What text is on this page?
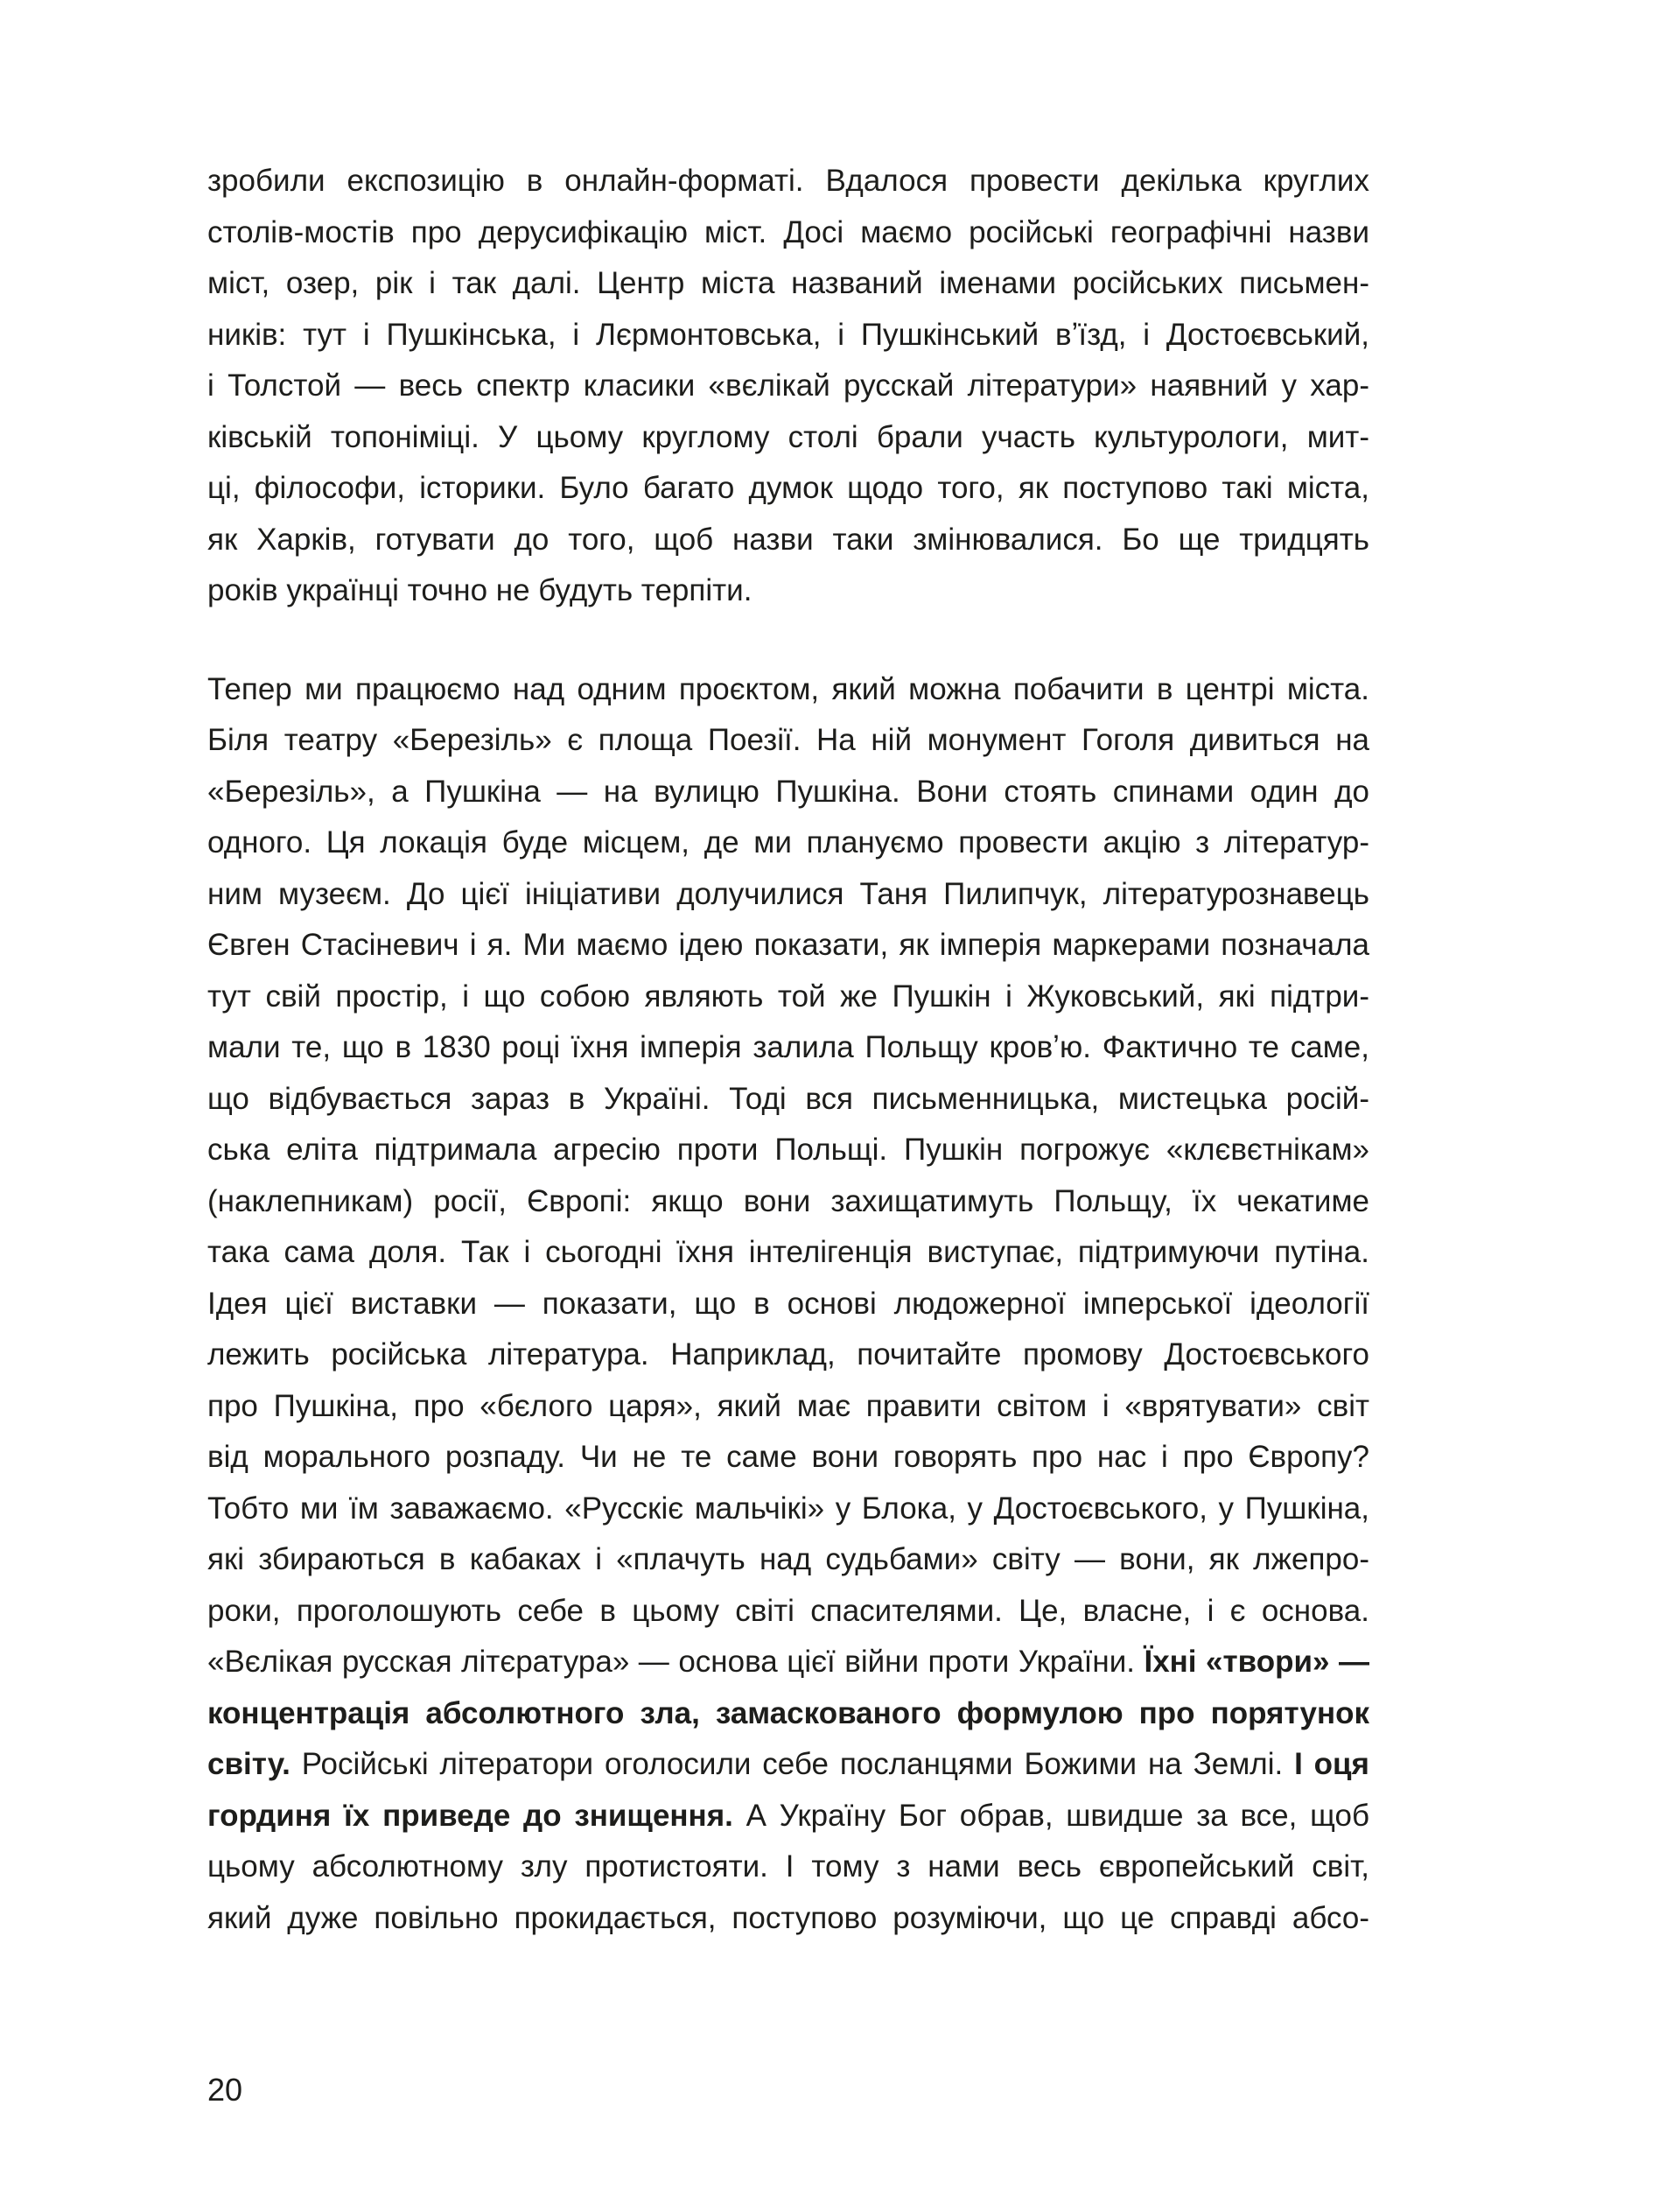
зробили експозицію в онлайн-форматі. Вдалося провести декілька круглих
столів-мостів про дерусифікацію міст. Досі маємо російські географічні назви
міст, озер, рік і так далі. Центр міста названий іменами російських письмен-
ників: тут і Пушкінська, і Лєрмонтовська, і Пушкінський вʼїзд, і Достоєвський,
і Толстой — весь спектр класики «вєлікай русскай літератури» наявний у хар-
ківській топоніміці. У цьому круглому столі брали участь культурологи, мит-
ці, філософи, історики. Було багато думок щодо того, як поступово такі міста,
як Харків, готувати до того, щоб назви таки змінювалися. Бо ще тридцять
років українці точно не будуть терпіти.
Тепер ми працюємо над одним проєктом, який можна побачити в центрі міста.
Біля театру «Березіль» є площа Поезії. На ній монумент Гоголя дивиться на
«Березіль», а Пушкіна — на вулицю Пушкіна. Вони стоять спинами один до
одного. Ця локація буде місцем, де ми плануємо провести акцію з літератур-
ним музеєм. До цієї ініціативи долучилися Таня Пилипчук, літературознавець
Євген Стасіневич і я. Ми маємо ідею показати, як імперія маркерами позначала
тут свій простір, і що собою являють той же Пушкін і Жуковський, які підтри-
мали те, що в 1830 році їхня імперія залила Польщу кровʼю. Фактично те саме,
що відбувається зараз в Україні. Тоді вся письменницька, мистецька росій-
ська еліта підтримала агресію проти Польщі. Пушкін погрожує «клєвєтнікам»
(наклепникам) росії, Європі: якщо вони захищатимуть Польщу, їх чекатиме
така сама доля. Так і сьогодні їхня інтелігенція виступає, підтримуючи путіна.
Ідея цієї виставки — показати, що в основі людожерної імперської ідеології
лежить російська література. Наприклад, почитайте промову Достоєвського
про Пушкіна, про «бєлого царя», який має правити світом і «врятувати» світ
від морального розпаду. Чи не те саме вони говорять про нас і про Європу?
Тобто ми їм заважаємо. «Русскіє мальчікі» у Блока, у Достоєвського, у Пушкіна,
які збираються в кабаках і «плачуть над судьбами» світу — вони, як лжепро-
роки, проголошують себе в цьому світі спасителями. Це, власне, і є основа.
«Вєлікая русская літєратура» — основа цієї війни проти України. Їхні «твори» —
концентрація абсолютного зла, замаскованого формулою про порятунок
світу. Російські літератори оголосили себе посланцями Божими на Землі. І оця
гординя їх приведе до знищення. А Україну Бог обрав, швидше за все, щоб
цьому абсолютному злу протистояти. І тому з нами весь європейський світ,
який дуже повільно прокидається, поступово розуміючи, що це справді абсо-
20
